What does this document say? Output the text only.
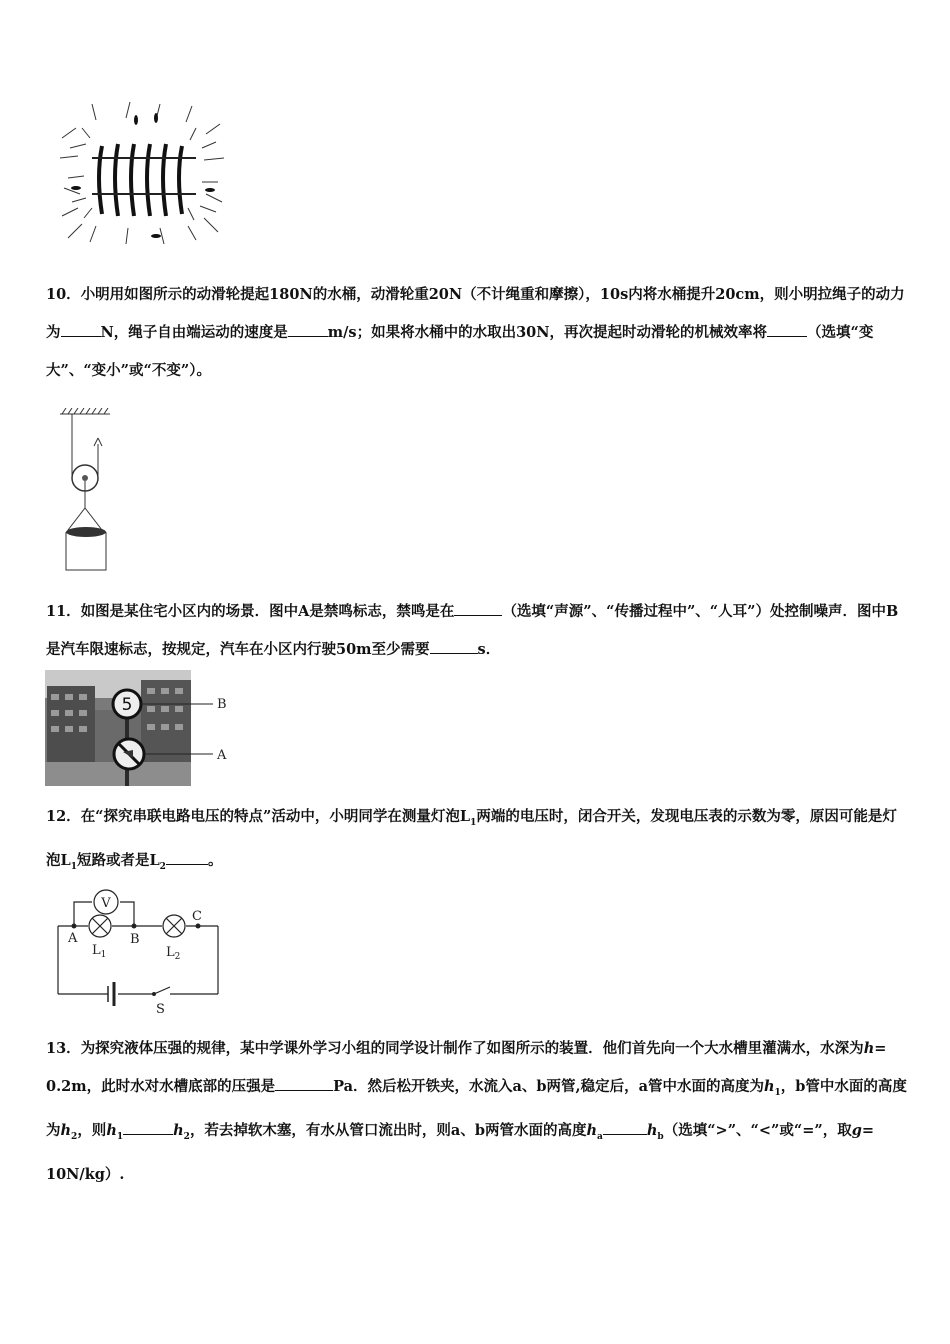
10．小明用如图所示的动滑轮提起180N的水桶，动滑轮重20N（不计绳重和摩擦），10s内将水桶提升20cm，则小明拉绳子的动力为	N，绳子自由端运动的速度是	m/s；如果将水桶中的水取出30N，再次提起时动滑轮的机械效率将	（选填“变大”、“变小”或“不变”）。
11．如图是某住宅小区内的场景．图中A是禁鸣标志，禁鸣是在	（选填“声源”、“传播过程中”、“人耳”）处控制噪声．图中B是汽车限速标志，按规定，汽车在小区内行驶50m至少需要	s．
5	B
A
12．在“探究串联电路电压的特点”活动中，小明同学在测量灯泡$L_1$两端的电压时，闭合开关，发现电压表的示数为零，原因可能是灯泡$L_1$短路或者是$L_2$	。
V
A	B
C
$L_1$	$L_2$
S
13．为探究液体压强的规律，某中学课外学习小组的同学设计制作了如图所示的装置．他们首先向一个大水槽里灌满水，水深为h= 0.2m，此时水对水槽底部的压强是	Pa．然后松开铁夹，水流入a、b两管,稳定后，a管中水面的高度为$h_1$，b管中水面的高度为$h_2$，则$h_1$	$h_2$，若去掉软木塞，有水从管口流出时，则a、b两管水面的高度$h_a$	$h_b$（选填“>”、“<”或“=”，取g= 10N/kg）.
